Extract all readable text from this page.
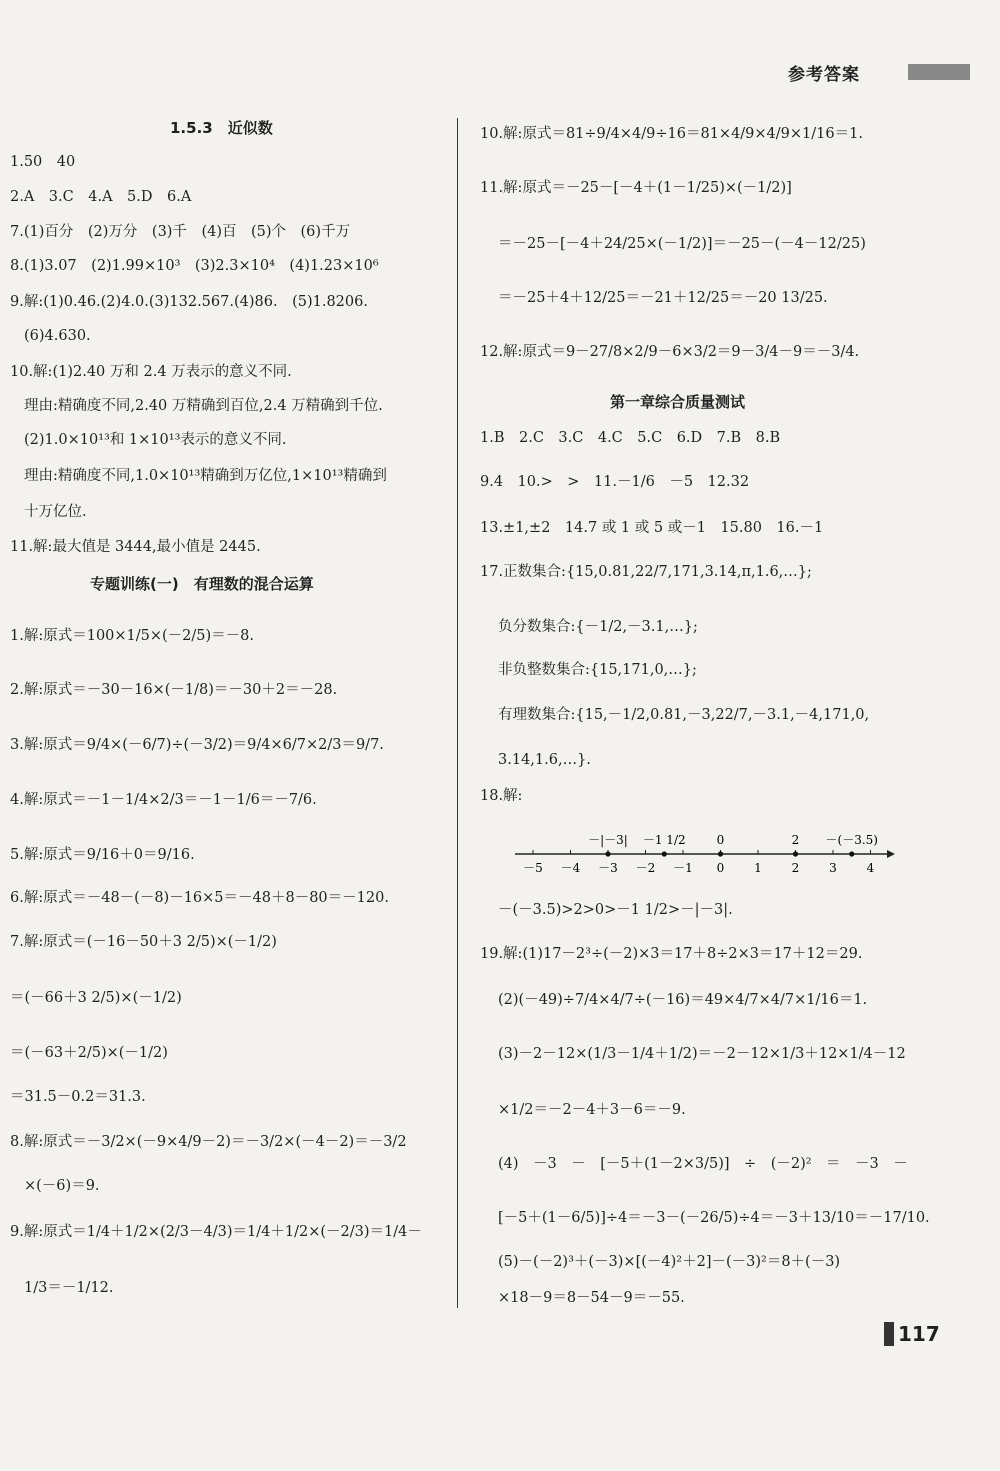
参考答案
1.5.3　近似数
1.50　40
2.A　3.C　4.A　5.D　6.A
7.(1)百分　(2)万分　(3)千　(4)百　(5)个　(6)千万
8.(1)3.07　(2)1.99×10³　(3)2.3×10⁴　(4)1.23×10⁶
9.解:(1)0.46.(2)4.0.(3)132.567.(4)86.　(5)1.8206.
(6)4.630.
10.解:(1)2.40 万和 2.4 万表示的意义不同.
理由:精确度不同,2.40 万精确到百位,2.4 万精确到千位.
(2)1.0×10¹³和 1×10¹³表示的意义不同.
理由:精确度不同,1.0×10¹³精确到万亿位,1×10¹³精确到
十万亿位.
11.解:最大值是 3444,最小值是 2445.
专题训练(一)　有理数的混合运算
1.解:原式＝100×1/5×(－2/5)＝－8.
2.解:原式＝－30－16×(－1/8)＝－30＋2＝－28.
3.解:原式＝9/4×(－6/7)÷(－3/2)＝9/4×6/7×2/3＝9/7.
4.解:原式＝－1－1/4×2/3＝－1－1/6＝－7/6.
5.解:原式＝9/16＋0＝9/16.
6.解:原式＝－48－(－8)－16×5＝－48＋8－80＝－120.
7.解:原式＝(－16－50＋3 2/5)×(－1/2)
＝(－66＋3 2/5)×(－1/2)
＝(－63＋2/5)×(－1/2)
＝31.5－0.2＝31.3.
8.解:原式＝－3/2×(－9×4/9－2)＝－3/2×(－4－2)＝－3/2
×(－6)＝9.
9.解:原式＝1/4＋1/2×(2/3－4/3)＝1/4＋1/2×(－2/3)＝1/4－
1/3＝－1/12.
10.解:原式＝81÷9/4×4/9÷16＝81×4/9×4/9×1/16＝1.
11.解:原式＝－25－[－4＋(1－1/25)×(－1/2)]
＝－25－[－4＋24/25×(－1/2)]＝－25－(－4－12/25)
＝－25＋4＋12/25＝－21＋12/25＝－20 13/25.
12.解:原式＝9－27/8×2/9－6×3/2＝9－3/4－9＝－3/4.
第一章综合质量测试
1.B　2.C　3.C　4.C　5.C　6.D　7.B　8.B
9.4　10.>　>　11.－1/6　－5　12.32
13.±1,±2　14.7 或 1 或 5 或－1　15.80　16.－1
17.正数集合:{15,0.81,22/7,171,3.14,π,1.6,…};
负分数集合:{－1/2,－3.1,…};
非负整数集合:{15,171,0,…};
有理数集合:{15,－1/2,0.81,－3,22/7,－3.1,－4,171,0,
3.14,1.6,…}.
18.解:
－(－3.5)>2>0>－1 1/2>－|－3|.
19.解:(1)17－2³÷(－2)×3＝17＋8÷2×3＝17＋12＝29.
(2)(－49)÷7/4×4/7÷(－16)＝49×4/7×4/7×1/16＝1.
(3)－2－12×(1/3－1/4＋1/2)＝－2－12×1/3＋12×1/4－12
×1/2＝－2－4＋3－6＝－9.
(4)　－3　－　[－5＋(1－2×3/5)]　÷　(－2)²　＝　－3　－
[－5＋(1－6/5)]÷4＝－3－(－26/5)÷4＝－3＋13/10＝－17/10.
(5)－(－2)³＋(－3)×[(－4)²＋2]－(－3)²＝8＋(－3)
×18－9＝8－54－9＝－55.
－5 －4 －3 －2 －1 0 1 2 3 4
－|－3| －1 1/2	0	2 －(－3.5)
117
